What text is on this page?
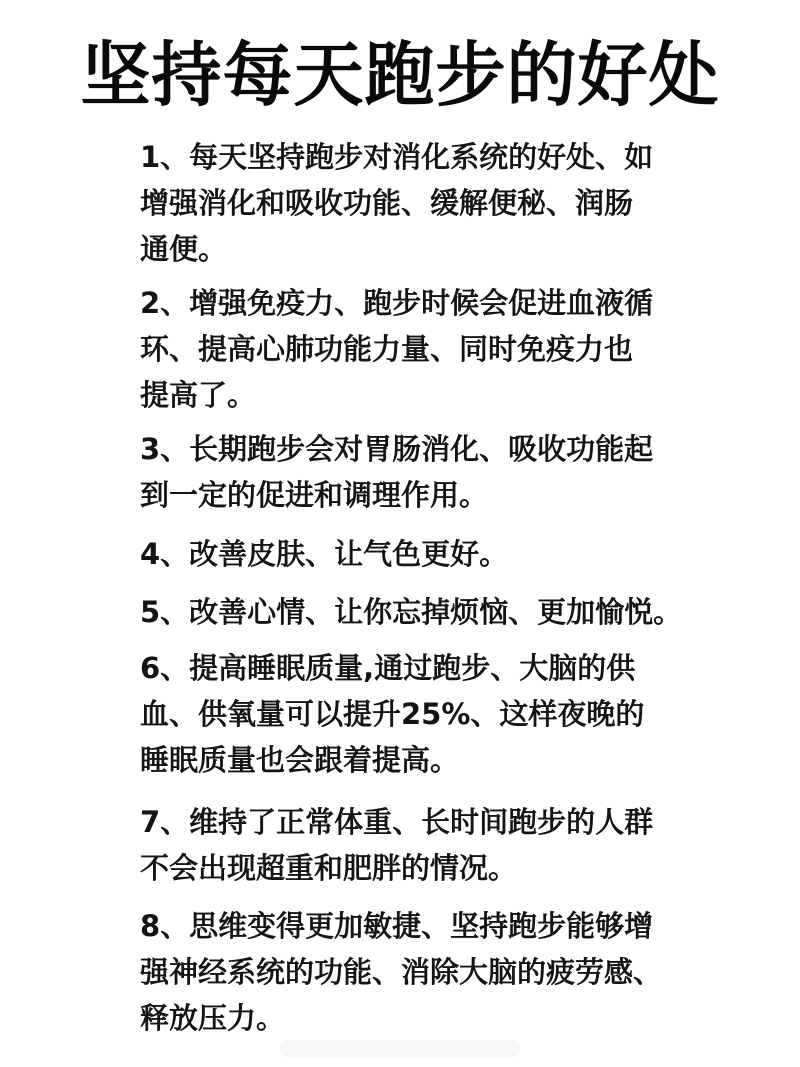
坚持每天跑步的好处
1、每天坚持跑步对消化系统的好处、如
增强消化和吸收功能、缓解便秘、润肠
通便。
2、增强免疫力、跑步时候会促进血液循
环、提高心肺功能力量、同时免疫力也
提高了。
3、长期跑步会对胃肠消化、吸收功能起
到一定的促进和调理作用。
4、改善皮肤、让气色更好。
5、改善心情、让你忘掉烦恼、更加愉悦。
6、提高睡眠质量,通过跑步、大脑的供
血、供氧量可以提升25%、这样夜晚的
睡眠质量也会跟着提高。
7、维持了正常体重、长时间跑步的人群
不会出现超重和肥胖的情况。
8、思维变得更加敏捷、坚持跑步能够增
强神经系统的功能、消除大脑的疲劳感、
释放压力。
